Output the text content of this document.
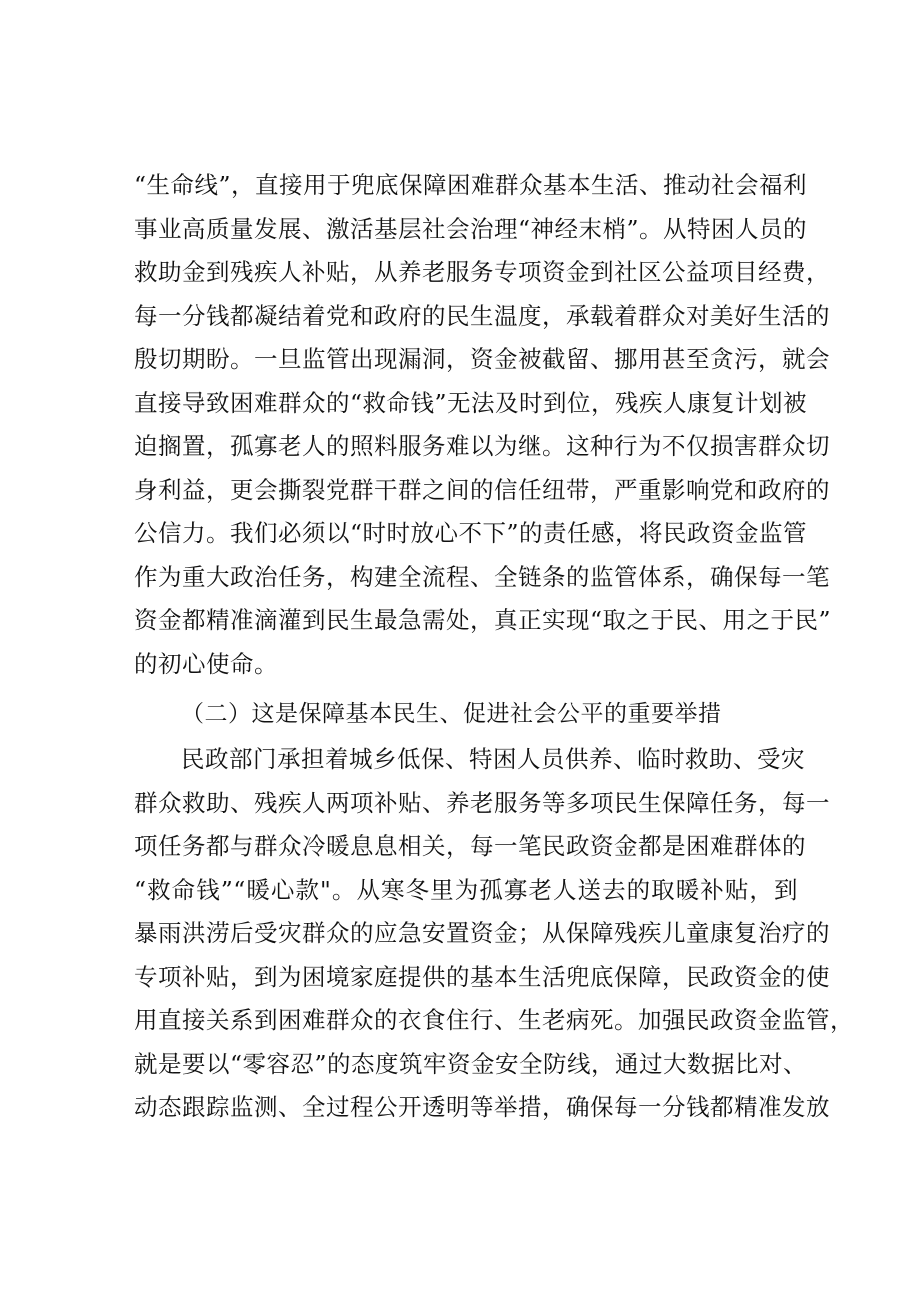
“生命线”，直接用于兜底保障困难群众基本生活、推动社会福利
事业高质量发展、激活基层社会治理“神经末梢”。从特困人员的
救助金到残疾人补贴，从养老服务专项资金到社区公益项目经费，
每一分钱都凝结着党和政府的民生温度，承载着群众对美好生活的
殷切期盼。一旦监管出现漏洞，资金被截留、挪用甚至贪污，就会
直接导致困难群众的“救命钱”无法及时到位，残疾人康复计划被
迫搁置，孤寡老人的照料服务难以为继。这种行为不仅损害群众切
身利益，更会撕裂党群干群之间的信任纽带，严重影响党和政府的
公信力。我们必须以“时时放心不下”的责任感，将民政资金监管
作为重大政治任务，构建全流程、全链条的监管体系，确保每一笔
资金都精准滴灌到民生最急需处，真正实现“取之于民、用之于民”
的初心使命。
（二）这是保障基本民生、促进社会公平的重要举措
民政部门承担着城乡低保、特困人员供养、临时救助、受灾
群众救助、残疾人两项补贴、养老服务等多项民生保障任务，每一
项任务都与群众冷暖息息相关，每一笔民政资金都是困难群体的
“救命钱”“暖心款"。从寒冬里为孤寡老人送去的取暖补贴，到
暴雨洪涝后受灾群众的应急安置资金；从保障残疾儿童康复治疗的
专项补贴，到为困境家庭提供的基本生活兜底保障，民政资金的使
用直接关系到困难群众的衣食住行、生老病死。加强民政资金监管，
就是要以“零容忍”的态度筑牢资金安全防线，通过大数据比对、
动态跟踪监测、全过程公开透明等举措，确保每一分钱都精准发放
